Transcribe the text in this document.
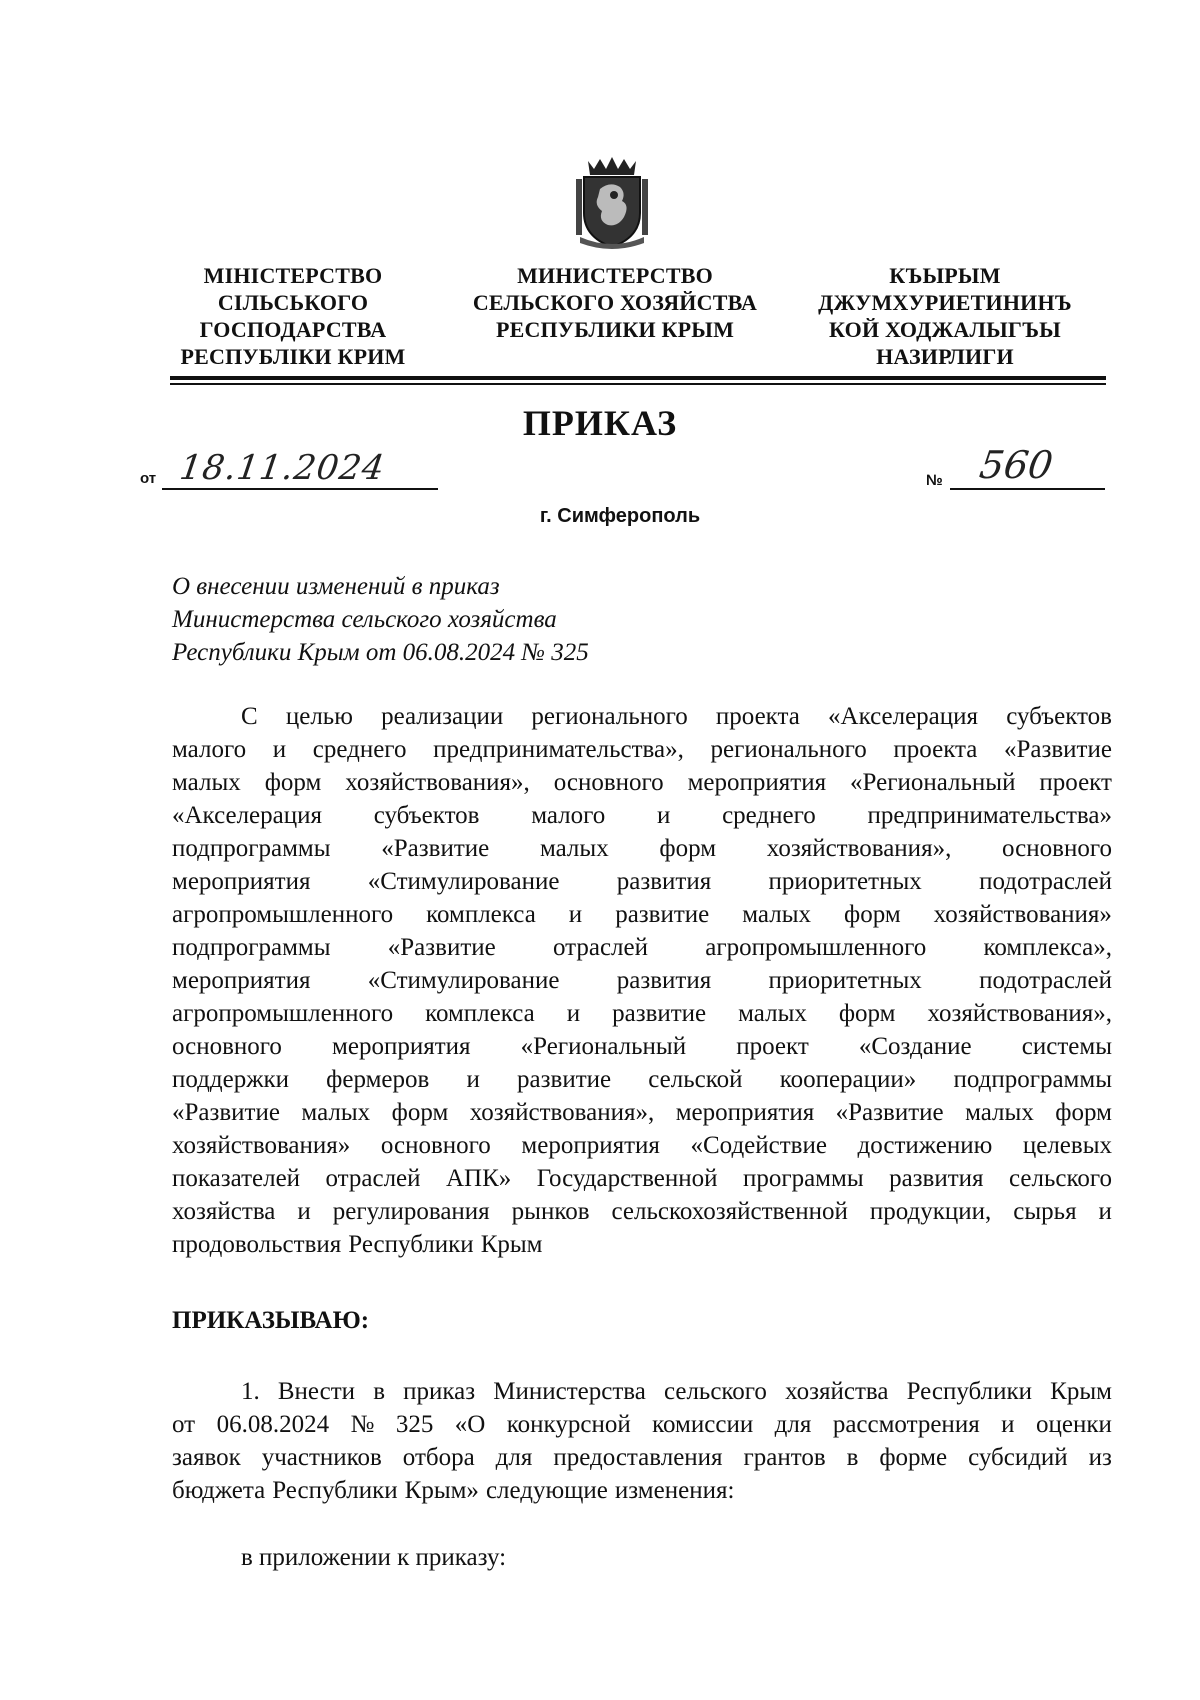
МІНІСТЕРСТВО
СІЛЬСЬКОГО
ГОСПОДАРСТВА
РЕСПУБЛІКИ КРИМ
МИНИСТЕРСТВО
СЕЛЬСКОГО ХОЗЯЙСТВА
РЕСПУБЛИКИ КРЫМ
КЪЫРЫМ
ДЖУМХУРИЕТИНИНЪ
КОЙ ХОДЖАЛЫГЪЫ
НАЗИРЛИГИ
ПРИКАЗ
от 18.11.2024	№ 560
г. Симферополь
О внесении изменений в приказ
Министерства сельского хозяйства
Республики Крым от 06.08.2024 № 325
С целью реализации регионального проекта «Акселерация субъектов
малого и среднего предпринимательства», регионального проекта «Развитие
малых форм хозяйствования», основного мероприятия «Региональный проект
«Акселерация субъектов малого и среднего предпринимательства»
подпрограммы «Развитие малых форм хозяйствования», основного
мероприятия «Стимулирование развития приоритетных подотраслей
агропромышленного комплекса и развитие малых форм хозяйствования»
подпрограммы «Развитие отраслей агропромышленного комплекса»,
мероприятия «Стимулирование развития приоритетных подотраслей
агропромышленного комплекса и развитие малых форм хозяйствования»,
основного мероприятия «Региональный проект «Создание системы
поддержки фермеров и развитие сельской кооперации» подпрограммы
«Развитие малых форм хозяйствования», мероприятия «Развитие малых форм
хозяйствования» основного мероприятия «Содействие достижению целевых
показателей отраслей АПК» Государственной программы развития сельского
хозяйства и регулирования рынков сельскохозяйственной продукции, сырья и
продовольствия Республики Крым
ПРИКАЗЫВАЮ:
1. Внести в приказ Министерства сельского хозяйства Республики Крым
от 06.08.2024 № 325 «О конкурсной комиссии для рассмотрения и оценки
заявок участников отбора для предоставления грантов в форме субсидий из
бюджета Республики Крым» следующие изменения:
в приложении к приказу:
